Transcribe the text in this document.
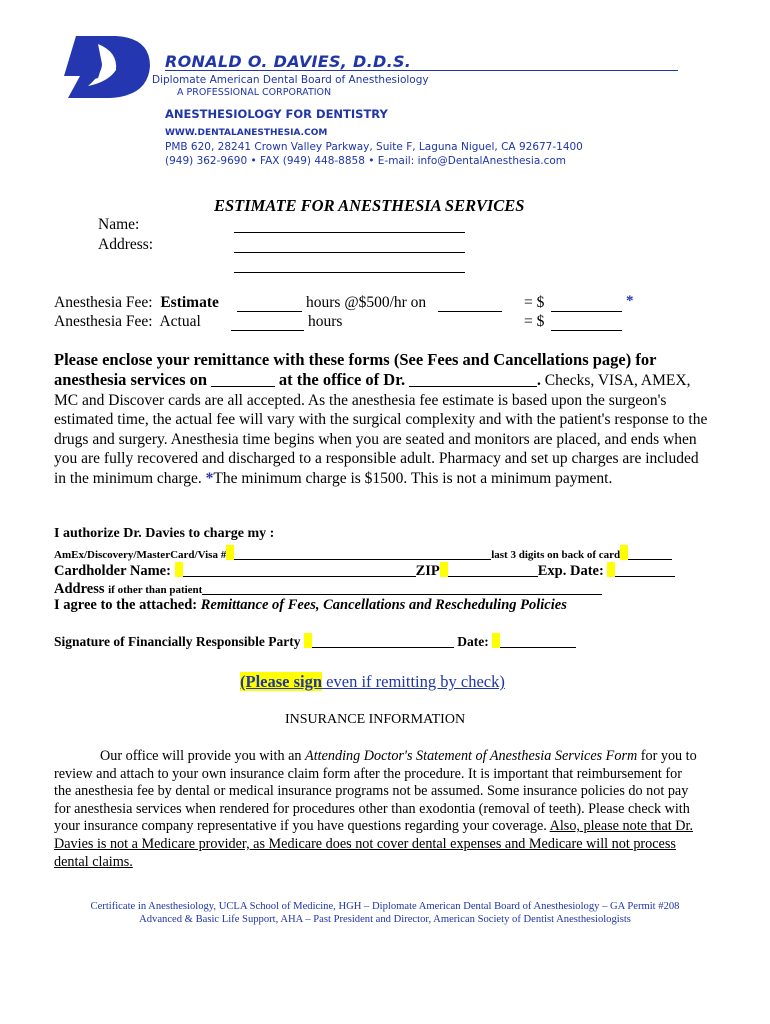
RONALD O. DAVIES, D.D.S.
Diplomate American Dental Board of Anesthesiology
A PROFESSIONAL CORPORATION
ANESTHESIOLOGY FOR DENTISTRY
WWW.DENTALANESTHESIA.COM
PMB 620, 28241 Crown Valley Parkway, Suite F, Laguna Niguel, CA 92677-1400
(949) 362-9690 • FAX (949) 448-8858 • E-mail: info@DentalAnesthesia.com
ESTIMATE FOR ANESTHESIA SERVICES
Name:
Address:
Anesthesia Fee: Estimate	hours @$500/hr on	= $	*
Anesthesia Fee: Actual	hours	= $

Please enclose your remittance with these forms (See Fees and Cancellations page) for

anesthesia services on	at the office of Dr.	. Checks, VISA, AMEX, MC and Discover cards are all accepted. As the anesthesia fee estimate is based upon the surgeon's estimated time, the actual fee will vary with the surgical complexity and with the patient's response to the drugs and surgery. Anesthesia time begins when you are seated and monitors are placed, and ends when you are fully recovered and discharged to a responsible adult. Pharmacy and set up charges are included in the minimum charge. *The minimum charge is $1500. This is not a minimum payment.

I authorize Dr. Davies to charge my :
AmEx/Discovery/MasterCard/Visa #	last 3 digits on back of card
Cardholder Name:	ZIP	Exp. Date:
Address if other than patient
I agree to the attached: Remittance of Fees, Cancellations and Rescheduling Policies
Signature of Financially Responsible Party	Date:
(Please sign even if remitting by check)
INSURANCE INFORMATION
Our office will provide you with an Attending Doctor's Statement of Anesthesia Services Form for you to review and attach to your own insurance claim form after the procedure. It is important that reimbursement for the anesthesia fee by dental or medical insurance programs not be assumed. Some insurance policies do not pay for anesthesia services when rendered for procedures other than exodontia (removal of teeth). Please check with your insurance company representative if you have questions regarding your coverage. Also, please note that Dr. Davies is not a Medicare provider, as Medicare does not cover dental expenses and Medicare will not process dental claims.
Certificate in Anesthesiology, UCLA School of Medicine, HGH – Diplomate American Dental Board of Anesthesiology – GA Permit #208
Advanced & Basic Life Support, AHA – Past President and Director, American Society of Dentist Anesthesiologists
